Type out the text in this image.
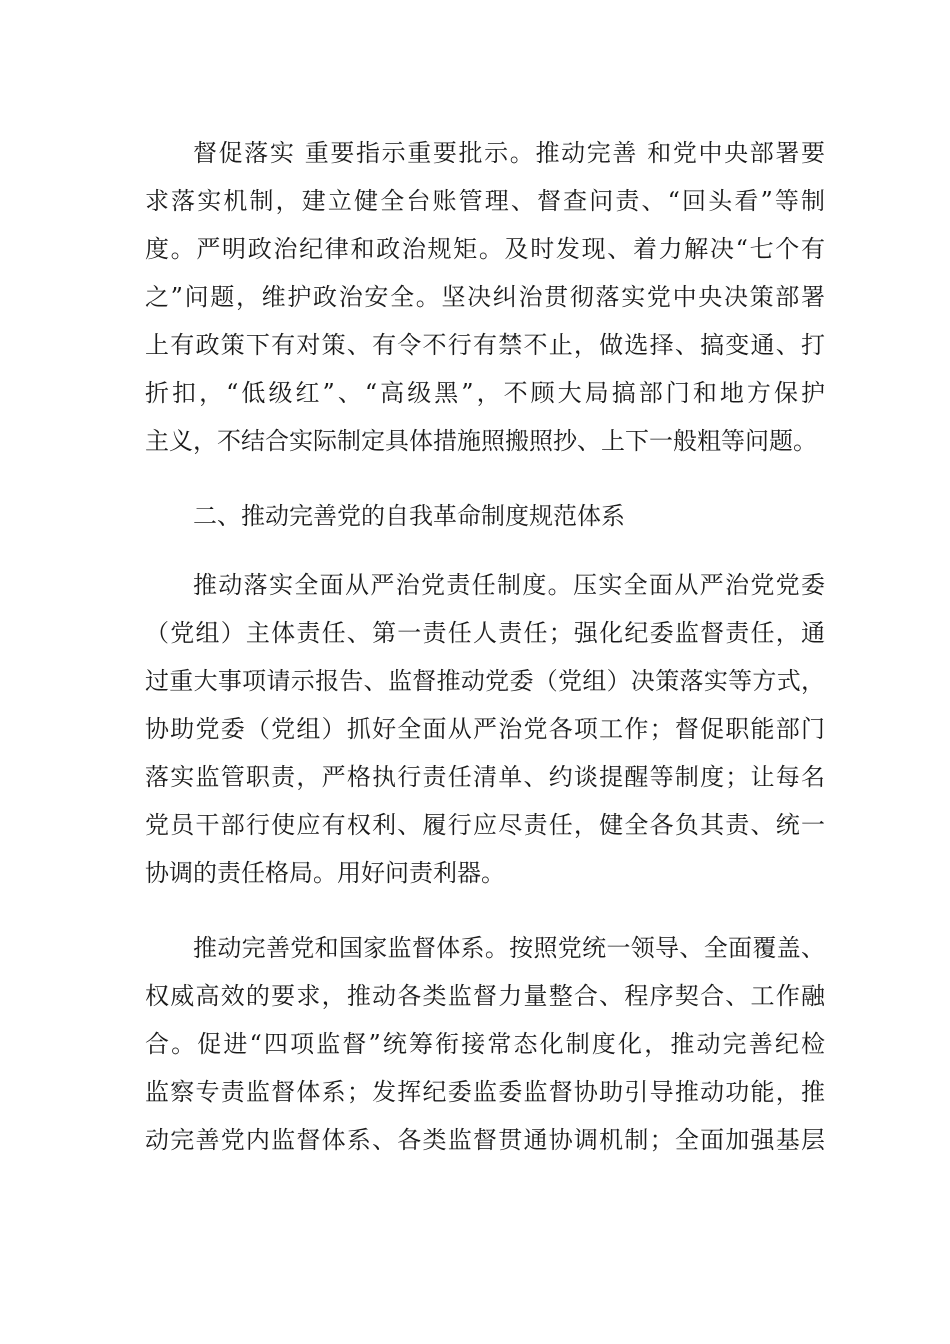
督促落实 重要指示重要批示。推动完善 和党中央部署要
求落实机制，建立健全台账管理、督查问责、“回头看”等制
度。严明政治纪律和政治规矩。及时发现、着力解决“七个有
之”问题，维护政治安全。坚决纠治贯彻落实党中央决策部署
上有政策下有对策、有令不行有禁不止，做选择、搞变通、打
折扣，“低级红”、“高级黑”，不顾大局搞部门和地方保护
主义，不结合实际制定具体措施照搬照抄、上下一般粗等问题。
二、推动完善党的自我革命制度规范体系
推动落实全面从严治党责任制度。压实全面从严治党党委
（党组）主体责任、第一责任人责任；强化纪委监督责任，通
过重大事项请示报告、监督推动党委（党组）决策落实等方式，
协助党委（党组）抓好全面从严治党各项工作；督促职能部门
落实监管职责，严格执行责任清单、约谈提醒等制度；让每名
党员干部行使应有权利、履行应尽责任，健全各负其责、统一
协调的责任格局。用好问责利器。
推动完善党和国家监督体系。按照党统一领导、全面覆盖、
权威高效的要求，推动各类监督力量整合、程序契合、工作融
合。促进“四项监督”统筹衔接常态化制度化，推动完善纪检
监察专责监督体系；发挥纪委监委监督协助引导推动功能，推
动完善党内监督体系、各类监督贯通协调机制；全面加强基层
